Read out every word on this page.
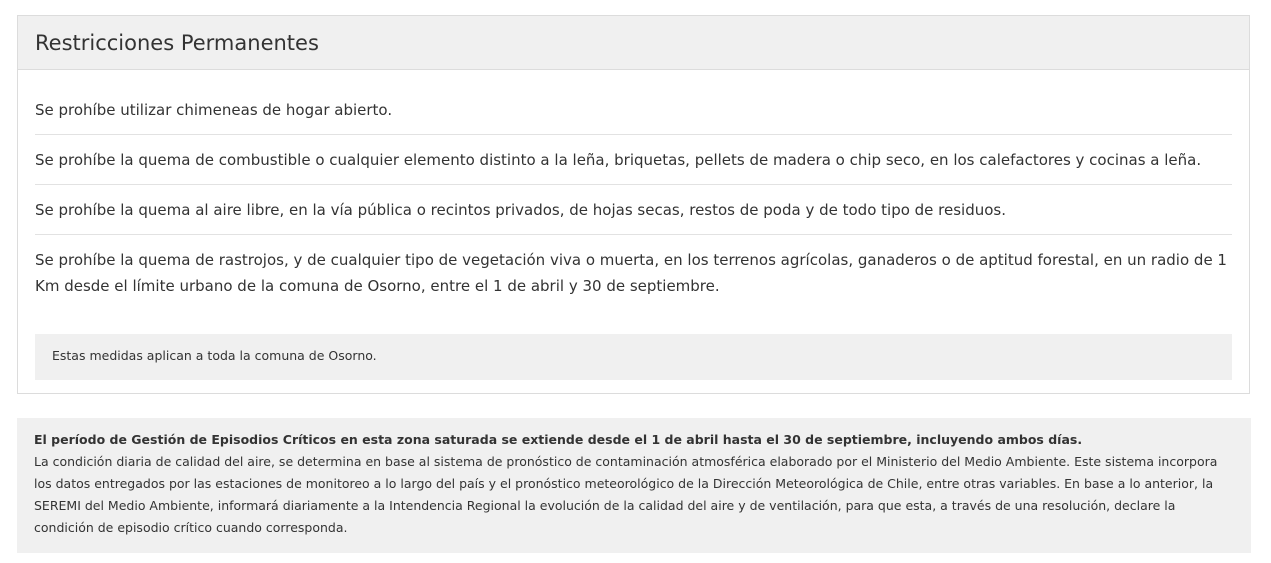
Restricciones Permanentes
Se prohíbe utilizar chimeneas de hogar abierto.
Se prohíbe la quema de combustible o cualquier elemento distinto a la leña, briquetas, pellets de madera o chip seco, en los calefactores y cocinas a leña.
Se prohíbe la quema al aire libre, en la vía pública o recintos privados, de hojas secas, restos de poda y de todo tipo de residuos.
Se prohíbe la quema de rastrojos, y de cualquier tipo de vegetación viva o muerta, en los terrenos agrícolas, ganaderos o de aptitud forestal, en un radio de 1 Km desde el límite urbano de la comuna de Osorno, entre el 1 de abril y 30 de septiembre.
Estas medidas aplican a toda la comuna de Osorno.
El período de Gestión de Episodios Críticos en esta zona saturada se extiende desde el 1 de abril hasta el 30 de septiembre, incluyendo ambos días.
La condición diaria de calidad del aire, se determina en base al sistema de pronóstico de contaminación atmosférica elaborado por el Ministerio del Medio Ambiente. Este sistema incorpora los datos entregados por las estaciones de monitoreo a lo largo del país y el pronóstico meteorológico de la Dirección Meteorológica de Chile, entre otras variables. En base a lo anterior, la SEREMI del Medio Ambiente, informará diariamente a la Intendencia Regional la evolución de la calidad del aire y de ventilación, para que esta, a través de una resolución, declare la condición de episodio crítico cuando corresponda.
